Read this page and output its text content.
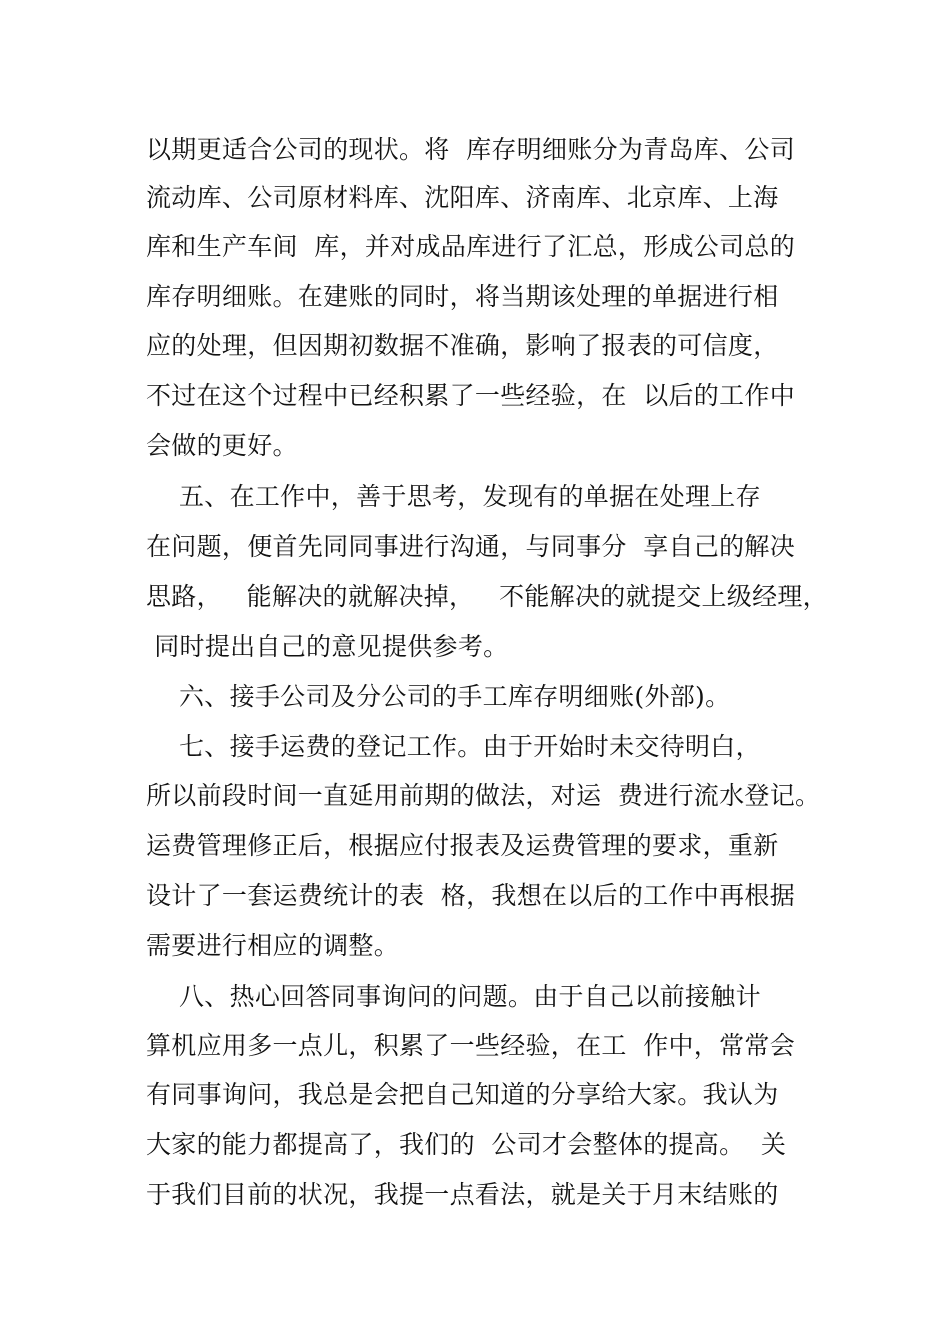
以期更适合公司的现状。将  库存明细账分为青岛库、公司
流动库、公司原材料库、沈阳库、济南库、北京库、上海
库和生产车间  库，并对成品库进行了汇总，形成公司总的
库存明细账。在建账的同时，将当期该处理的单据进行相
应的处理，但因期初数据不准确，影响了报表的可信度，
不过在这个过程中已经积累了一些经验，在  以后的工作中
会做的更好。
五、在工作中，善于思考，发现有的单据在处理上存
在问题，便首先同同事进行沟通，与同事分  享自己的解决
思路，   能解决的就解决掉，   不能解决的就提交上级经理，
同时提出自己的意见提供参考。
六、接手公司及分公司的手工库存明细账(外部)。
七、接手运费的登记工作。由于开始时未交待明白，
所以前段时间一直延用前期的做法，对运  费进行流水登记。
运费管理修正后，根据应付报表及运费管理的要求，重新
设计了一套运费统计的表  格，我想在以后的工作中再根据
需要进行相应的调整。
八、热心回答同事询问的问题。由于自己以前接触计
算机应用多一点儿，积累了一些经验，在工  作中，常常会
有同事询问，我总是会把自己知道的分享给大家。我认为
大家的能力都提高了，我们的  公司才会整体的提高。  关
于我们目前的状况，我提一点看法，就是关于月末结账的
